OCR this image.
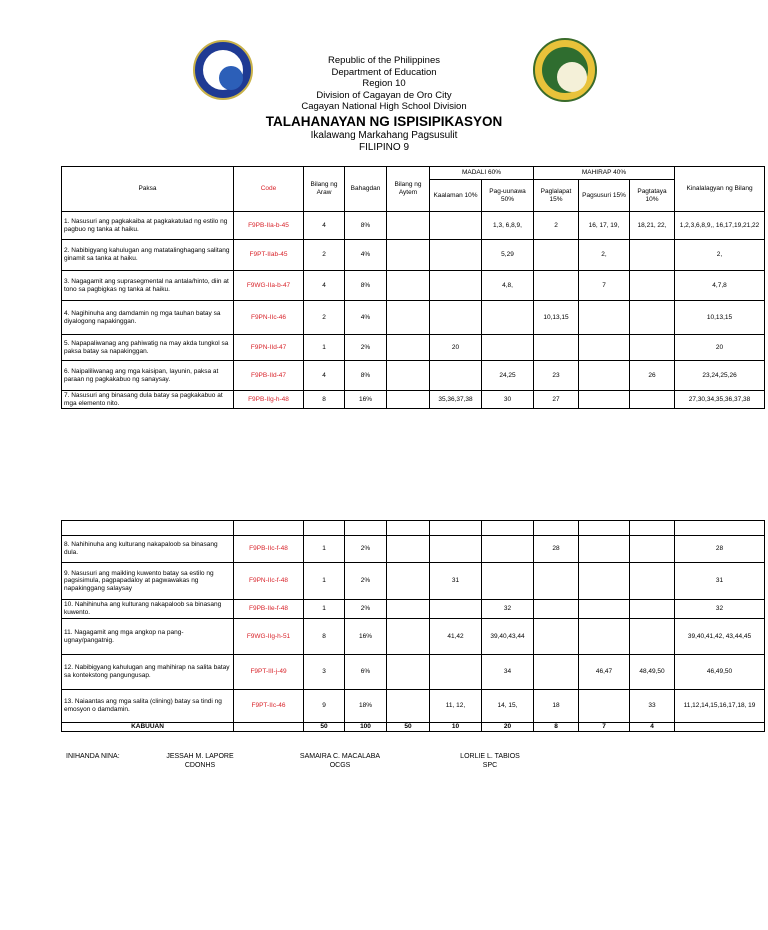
Republic of the Philippines
Department of Education
Region 10
Division of Cagayan de Oro City
Cagayan National High School Division
TALAHANAYAN NG ISPISIPIKASYON
Ikalawang Markahang Pagsusulit
FILIPINO 9
Paksa	Code	Bilang ng Araw	Bahagdan	Bilang ng Aytem	MADALI 60%		MAHIRAP 40%			Kinalalagyan ng Bilang
					Kaalaman 10%	Pag-uunawa 50%	Paglalapat 15%	Pagsusuri 15%	Pagtataya 10%	
1. Nasusuri ang pagkakaiba at pagkakatulad ng estilo ng pagbuo ng tanka at haiku.	F9PB-IIa-b-45	4	8%			1,3, 6,8,9,	2	16, 17, 19,	18,21, 22,	1,2,3,6,8,9,, 16,17,19,21,22
2. Nabibigyang kahulugan ang matatalinghagang salitang ginamit sa tanka at haiku.	F9PT-IIab-45	2	4%			5,29		2,		2,
3. Nagagamit ang suprasegmental na antala/hinto, diin at tono sa pagbigkas ng tanka at haiku.	F9WG-IIa-b-47	4	8%			4,8,		7		4,7,8
4. Nagihinuha ang damdamin ng mga tauhan batay sa diyalogong napakinggan.	F9PN-IIc-46	2	4%				10,13,15			10,13,15
5. Napapaliwanag ang pahiwatig na may akda tungkol sa paksa batay sa napakinggan.	F9PN-IId-47	1	2%		20					20
6. Naipaliliwanag ang mga kaisipan, layunin, paksa at paraan ng pagkakabuo ng sanaysay.	F9PB-IId-47	4	8%			24,25	23		26	23,24,25,26
7. Nasusuri ang binasang dula batay sa pagkakabuo at mga elemento nito.	F9PB-IIg-h-48	8	16%		35,36,37,38	30	27			27,30,34,35,36,37,38

8. Nahihinuha ang kulturang nakapaloob sa binasang dula.	F9PB-IIc-f-48	1	2%				28			28
9. Nasusuri ang maikling kuwento batay sa estilo ng pagsisimula, pagpapadaloy at pagwawakas ng napakinggang salaysay	F9PN-IIc-f-48	1	2%		31					31
10. Nahihinuha ang kulturang nakapaloob sa binasang kuwento.	F9PB-IIe-f-48	1	2%			32				32
11. Nagagamit ang mga angkop na pang-ugnay/pangatnig.	F9WG-IIg-h-51	8	16%		41,42	39,40,43,44				39,40,41,42, 43,44,45
12. Nabibigyang kahulugan ang mahihirap na salita batay sa kontekstong pangungusap.	F9PT-III-j-49	3	6%			34		46,47	48,49,50	46,49,50
13. Naiaantas ang mga salita (clining) batay sa tindi ng emosyon o damdamin.	F9PT-IIc-46	9	18%		11, 12,	14, 15,	18		33	11,12,14,15,16,17,18, 19
KABUUAN		50	100	50	10	20	8	7	4	
INIHANDA NINA:	JESSAH M. LAPORE
CDONHS
SAMAIRA C. MACALABA
OCGS
LORLIE L. TABIOS
SPC
